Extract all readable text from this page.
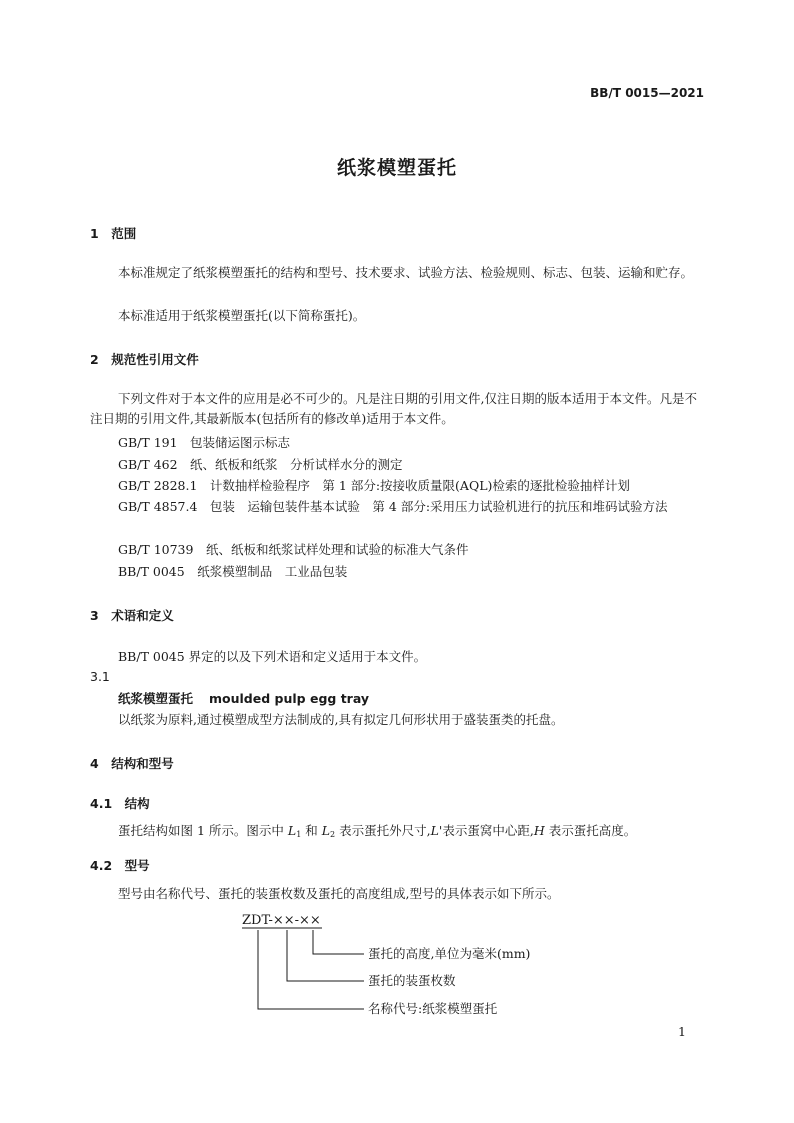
BB/T 0015—2021
纸浆模塑蛋托
1　范围
本标准规定了纸浆模塑蛋托的结构和型号、技术要求、试验方法、检验规则、标志、包装、运输和贮存。
本标准适用于纸浆模塑蛋托(以下简称蛋托)。
2　规范性引用文件
下列文件对于本文件的应用是必不可少的。凡是注日期的引用文件,仅注日期的版本适用于本文件。凡是不注日期的引用文件,其最新版本(包括所有的修改单)适用于本文件。
GB/T 191　包装储运图示标志
GB/T 462　纸、纸板和纸浆　分析试样水分的测定
GB/T 2828.1　计数抽样检验程序　第 1 部分:按接收质量限(AQL)检索的逐批检验抽样计划
GB/T 4857.4　包装　运输包装件基本试验　第 4 部分:采用压力试验机进行的抗压和堆码试验方法
GB/T 10739　纸、纸板和纸浆试样处理和试验的标准大气条件
BB/T 0045　纸浆模塑制品　工业品包装
3　术语和定义
BB/T 0045 界定的以及下列术语和定义适用于本文件。
3.1
纸浆模塑蛋托 moulded pulp egg tray
以纸浆为原料,通过模塑成型方法制成的,具有拟定几何形状用于盛装蛋类的托盘。
4　结构和型号
4.1　结构
蛋托结构如图 1 所示。图示中 $L_1$ 和 $L_2$ 表示蛋托外尺寸,L'表示蛋窝中心距,H 表示蛋托高度。
4.2　型号
型号由名称代号、蛋托的装蛋枚数及蛋托的高度组成,型号的具体表示如下所示。
ZDT-××-××
蛋托的高度,单位为毫米(mm)
蛋托的装蛋枚数
名称代号:纸浆模塑蛋托
1
